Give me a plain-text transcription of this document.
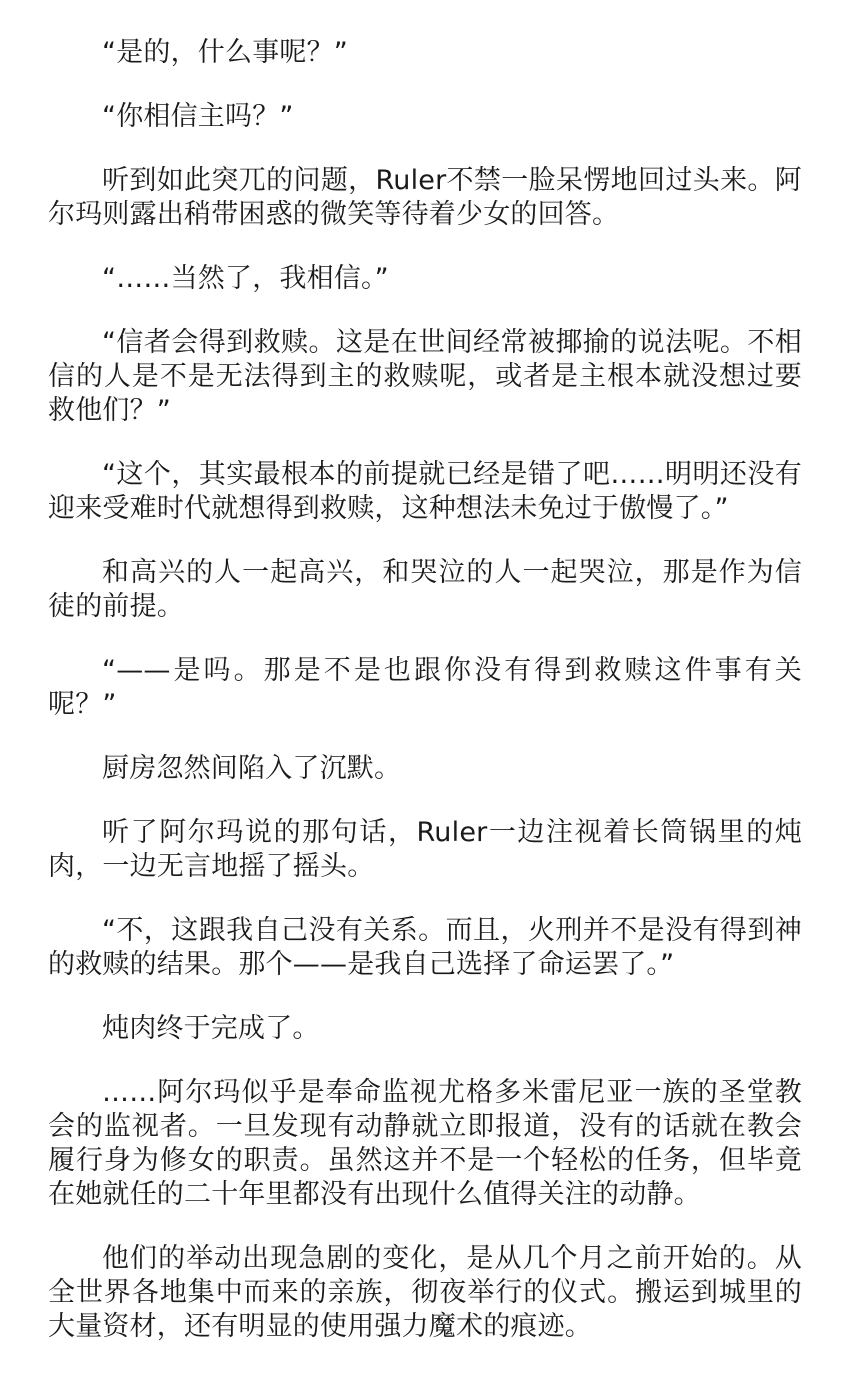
“是的，什么事呢？”

“你相信主吗？”

听到如此突兀的问题，Ruler不禁一脸呆愣地回过头来。阿尔玛则露出稍带困惑的微笑等待着少女的回答。

“……当然了，我相信。”

“信者会得到救赎。这是在世间经常被揶揄的说法呢。不相信的人是不是无法得到主的救赎呢，或者是主根本就没想过要救他们？”

“这个，其实最根本的前提就已经是错了吧……明明还没有迎来受难时代就想得到救赎，这种想法未免过于傲慢了。”

和高兴的人一起高兴，和哭泣的人一起哭泣，那是作为信徒的前提。

“——是吗。那是不是也跟你没有得到救赎这件事有关呢？”

厨房忽然间陷入了沉默。

听了阿尔玛说的那句话，Ruler一边注视着长筒锅里的炖肉，一边无言地摇了摇头。

“不，这跟我自己没有关系。而且，火刑并不是没有得到神的救赎的结果。那个——是我自己选择了命运罢了。”

炖肉终于完成了。

……阿尔玛似乎是奉命监视尤格多米雷尼亚一族的圣堂教会的监视者。一旦发现有动静就立即报道，没有的话就在教会履行身为修女的职责。虽然这并不是一个轻松的任务，但毕竟在她就任的二十年里都没有出现什么值得关注的动静。

他们的举动出现急剧的变化，是从几个月之前开始的。从全世界各地集中而来的亲族，彻夜举行的仪式。搬运到城里的大量资材，还有明显的使用强力魔术的痕迹。
